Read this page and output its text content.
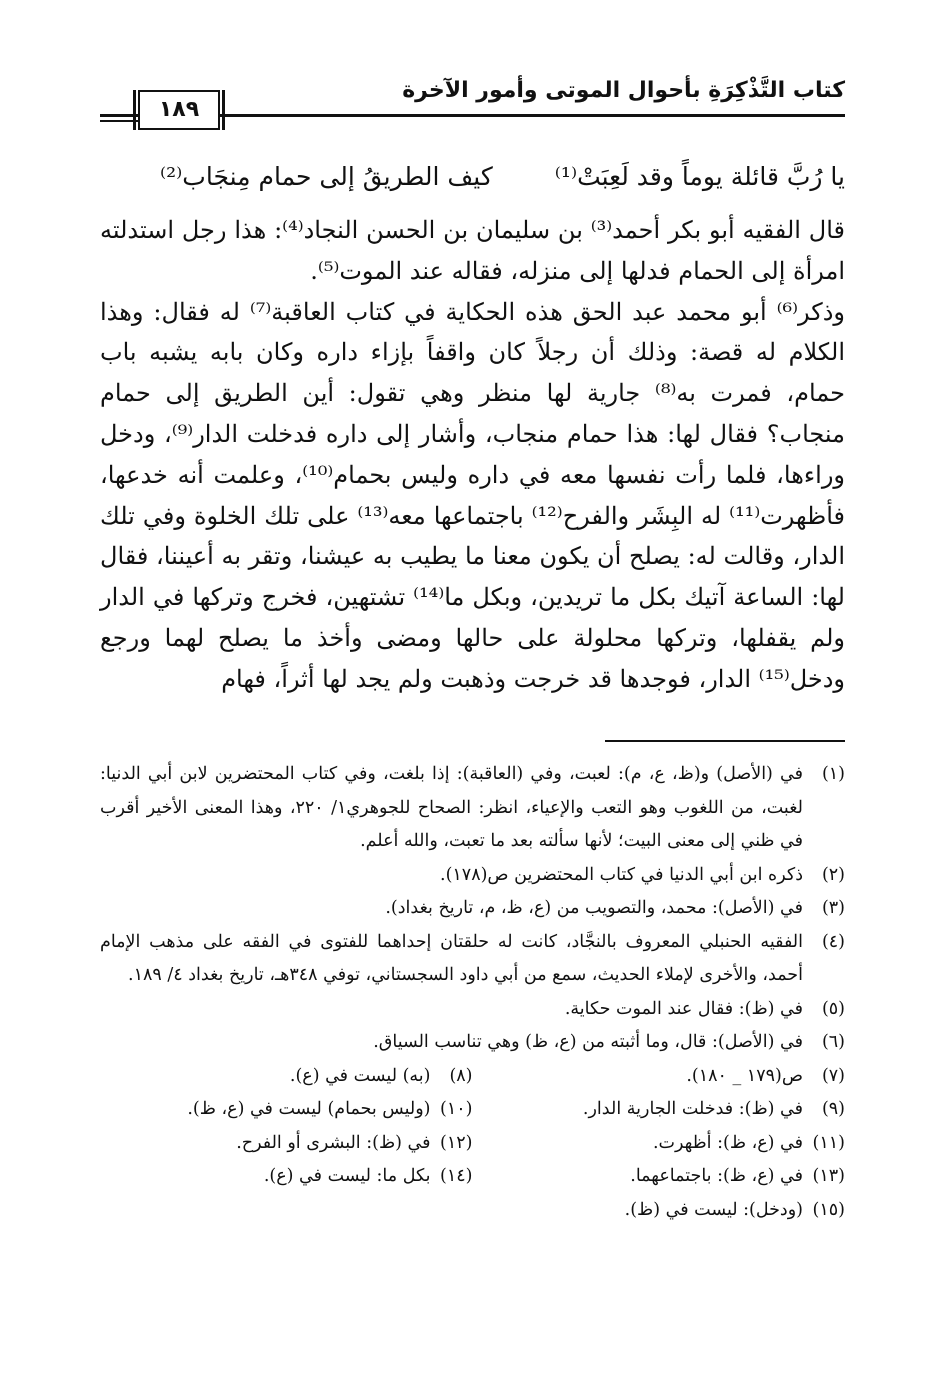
كتاب التَّذْكِرَةِ بأحوال الموتى وأمور الآخرة
١٨٩
يا رُبَّ قائلة يوماً وقد لَعِبَتْ⁽¹⁾
كيف الطريقُ إلى حمام مِنجَاب⁽²⁾

قال الفقيه أبو بكر أحمد⁽³⁾ بن سليمان بن الحسن النجاد⁽⁴⁾: هذا رجل استدلته امرأة إلى الحمام فدلها إلى منزله، فقاله عند الموت⁽⁵⁾.

وذكر⁽⁶⁾ أبو محمد عبد الحق هذه الحكاية في كتاب العاقبة⁽⁷⁾ له فقال: وهذا الكلام له قصة: وذلك أن رجلاً كان واقفاً بإزاء داره وكان بابه يشبه باب حمام، فمرت به⁽⁸⁾ جارية لها منظر وهي تقول: أين الطريق إلى حمام منجاب؟ فقال لها: هذا حمام منجاب، وأشار إلى داره فدخلت الدار⁽⁹⁾، ودخل وراءها، فلما رأت نفسها معه في داره وليس بحمام⁽¹⁰⁾، وعلمت أنه خدعها، فأظهرت⁽¹¹⁾ له البِشَر والفرح⁽¹²⁾ باجتماعها معه⁽¹³⁾ على تلك الخلوة وفي تلك الدار، وقالت له: يصلح أن يكون معنا ما يطيب به عيشنا، وتقر به أعيننا، فقال لها: الساعة آتيك بكل ما تريدين، وبكل ما⁽¹⁴⁾ تشتهين، فخرج وتركها في الدار ولم يقفلها، وتركها محلولة على حالها ومضى وأخذ ما يصلح لهما ورجع ودخل⁽¹⁵⁾ الدار، فوجدها قد خرجت وذهبت ولم يجد لها أثراً، فهام

(١)
في (الأصل) و(ظ، ع، م): لعبت، وفي (العاقبة): إذا بلغت، وفي كتاب المحتضرين لابن أبي الدنيا: لغبت، من اللغوب وهو التعب والإعياء، انظر: الصحاح للجوهري١/ ٢٢٠، وهذا المعنى الأخير أقرب في ظني إلى معنى البيت؛ لأنها سألته بعد ما تعبت، والله أعلم.
(٢)
ذكره ابن أبي الدنيا في كتاب المحتضرين ص(١٧٨).
(٣)
في (الأصل): محمد، والتصويب من (ع، ظ، م، تاريخ بغداد).
(٤)
الفقيه الحنبلي المعروف بالنجَّاد، كانت له حلقتان إحداهما للفتوى في الفقه على مذهب الإمام أحمد، والأخرى لإملاء الحديث، سمع من أبي داود السجستاني، توفي ٣٤٨هـ، تاريخ بغداد ٤/ ١٨٩.
(٥)
في (ظ): فقال عند الموت حكاية.
(٦)
في (الأصل): قال، وما أثبته من (ع، ظ) وهي تناسب السياق.
(٧)
ص(١٧٩ _ ١٨٠).
(٨)
(به) ليست في (ع).
(٩)
في (ظ): فدخلت الجارية الدار.
(١٠)
(وليس بحمام) ليست في (ع، ظ).
(١١)
في (ع، ظ): أظهرت.
(١٢)
في (ظ): البشرى أو الفرح.
(١٣)
في (ع، ظ): باجتماعهما.
(١٤)
بكل ما: ليست في (ع).
(١٥)
(ودخل): ليست في (ظ).
